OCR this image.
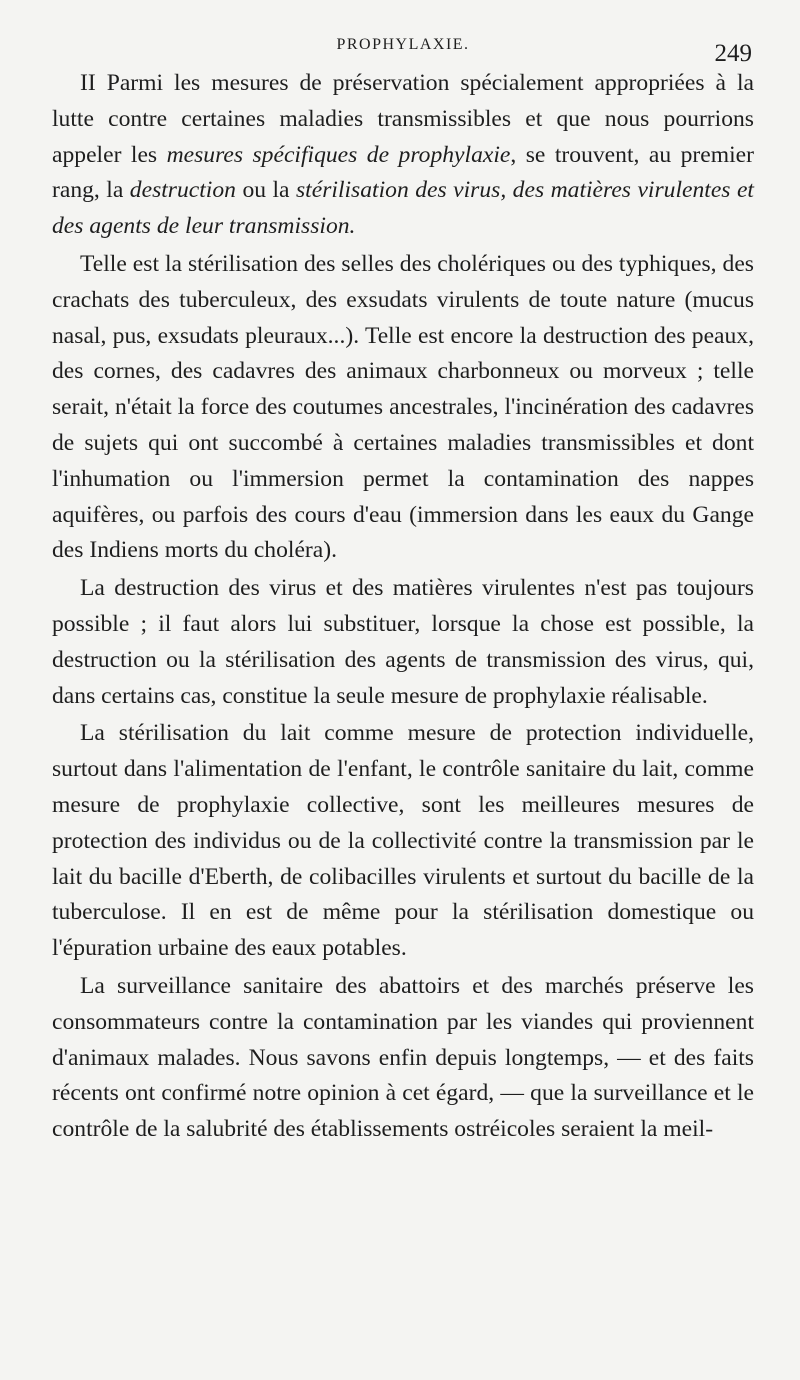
PROPHYLAXIE.	249

II Parmi les mesures de préservation spécialement appropriées à la lutte contre certaines maladies transmissibles et que nous pourrions appeler les mesures spécifiques de prophylaxie, se trouvent, au premier rang, la destruction ou la stérilisation des virus, des matières virulentes et des agents de leur transmission.

Telle est la stérilisation des selles des cholériques ou des typhiques, des crachats des tuberculeux, des exsudats virulents de toute nature (mucus nasal, pus, exsudats pleuraux...). Telle est encore la destruction des peaux, des cornes, des cadavres des animaux charbonneux ou morveux ; telle serait, n'était la force des coutumes ancestrales, l'incinération des cadavres de sujets qui ont succombé à certaines maladies transmissibles et dont l'inhumation ou l'immersion permet la contamination des nappes aquifères, ou parfois des cours d'eau (immersion dans les eaux du Gange des Indiens morts du choléra).

La destruction des virus et des matières virulentes n'est pas toujours possible ; il faut alors lui substituer, lorsque la chose est possible, la destruction ou la stérilisation des agents de transmission des virus, qui, dans certains cas, constitue la seule mesure de prophylaxie réalisable.

La stérilisation du lait comme mesure de protection individuelle, surtout dans l'alimentation de l'enfant, le contrôle sanitaire du lait, comme mesure de prophylaxie collective, sont les meilleures mesures de protection des individus ou de la collectivité contre la transmission par le lait du bacille d'Eberth, de colibacilles virulents et surtout du bacille de la tuberculose. Il en est de même pour la stérilisation domestique ou l'épuration urbaine des eaux potables.

La surveillance sanitaire des abattoirs et des marchés préserve les consommateurs contre la contamination par les viandes qui proviennent d'animaux malades. Nous savons enfin depuis longtemps, — et des faits récents ont confirmé notre opinion à cet égard, — que la surveillance et le contrôle de la salubrité des établissements ostréicoles seraient la meil-
